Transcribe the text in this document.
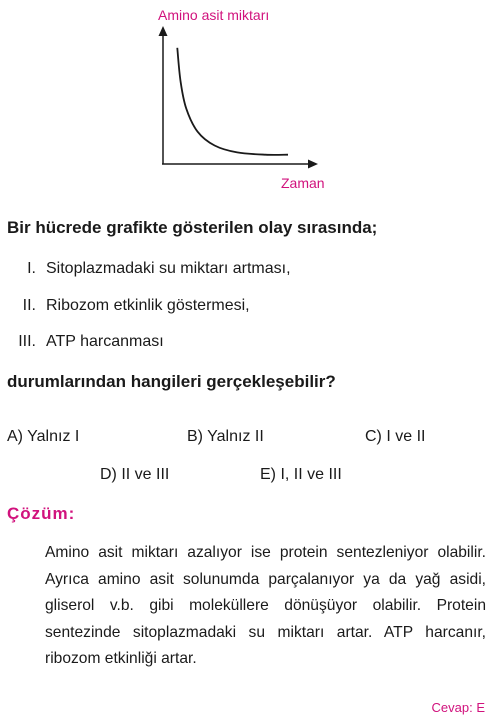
Amino asit miktarı
Zaman
Bir hücrede grafikte gösterilen olay sırasında;
I. Sitoplazmadaki su miktarı artması,
II. Ribozom etkinlik göstermesi,
III. ATP harcanması
durumlarından hangileri gerçekleşebilir?
A) Yalnız I	B) Yalnız II	C) I ve II
D) II ve III	E) I, II ve III
Çözüm:
Amino asit miktarı azalıyor ise protein sentezleniyor olabilir. Ayrıca amino asit solunumda parçalanıyor ya da yağ asidi, gliserol v.b. gibi moleküllere dönüşüyor olabilir. Protein sentezinde sitoplazmadaki su miktarı artar. ATP harcanır, ribozom etkinliği artar.
Cevap: E
